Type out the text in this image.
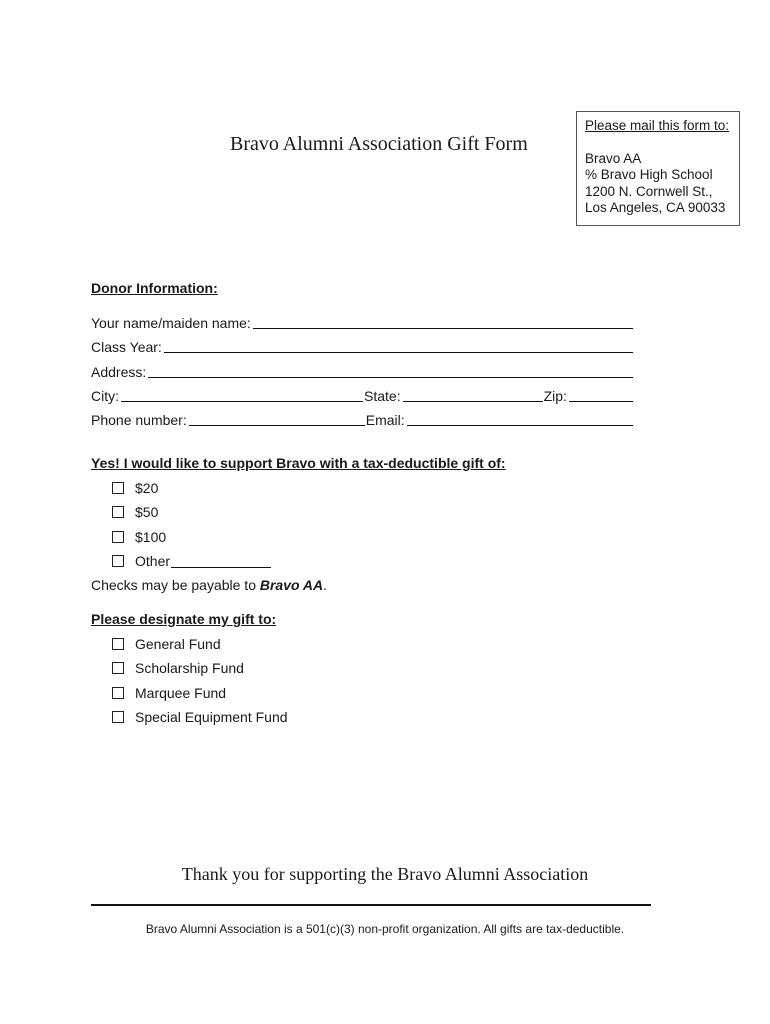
Bravo Alumni Association Gift Form
Please mail this form to:
Bravo AA
% Bravo High School
1200 N. Cornwell St.,
Los Angeles, CA 90033
Donor Information:
Your name/maiden name:
Class Year:
Address:
City:	State:	Zip:
Phone number:	Email:
Yes! I would like to support Bravo with a tax-deductible gift of:
$20
$50
$100
Other
Checks may be payable to Bravo AA.
Please designate my gift to:
General Fund
Scholarship Fund
Marquee Fund
Special Equipment Fund
Thank you for supporting the Bravo Alumni Association
Bravo Alumni Association is a 501(c)(3) non-profit organization. All gifts are tax-deductible.
